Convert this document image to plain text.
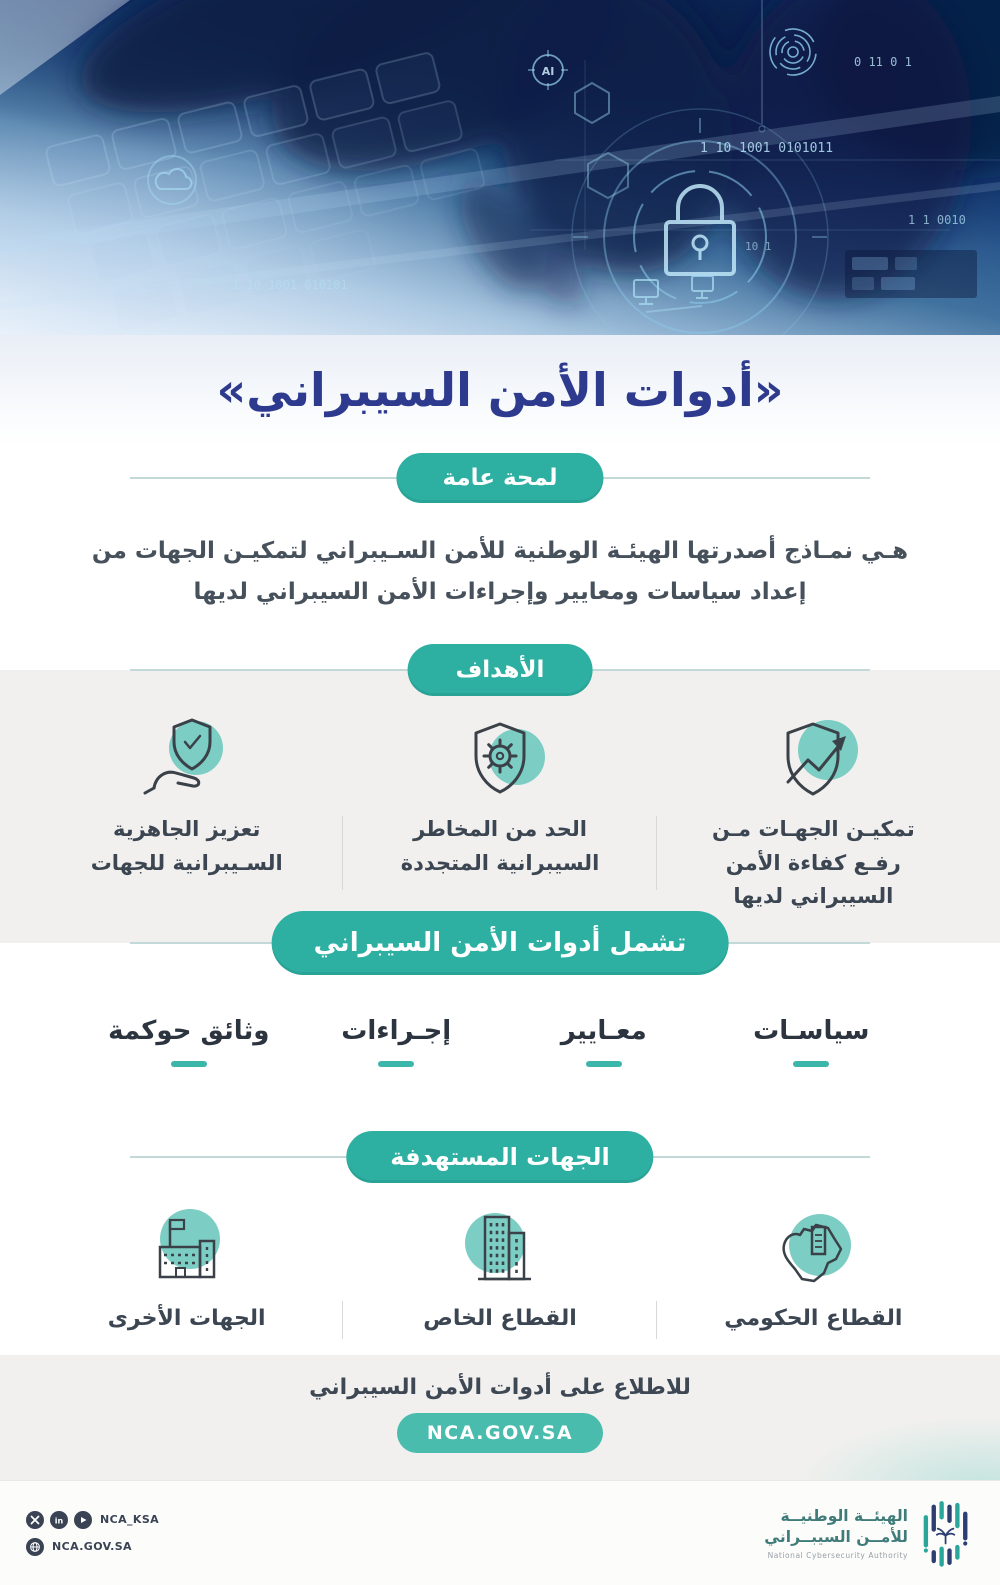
AI
1 10 1001 0101011
0 11 0 1
1 1 0010
1 10 1001 010101
10 1
«أدوات الأمن السيبراني»
لمحة عامة

هـي نمـاذج أصدرتها الهيئـة الوطنية للأمن السـيبراني لتمكيـن الجهات من إعداد سياسات ومعايير وإجراءات الأمن السيبراني لديها

الأهداف
تمكيـن الجهـات مـن رفـع كفاءة الأمن السيبراني لديها
الحد من المخاطر السيبرانية المتجددة
تعزيز الجاهزية السـيبرانية للجهات
تشمل أدوات الأمن السيبراني
سياسـات
معـايير
إجـراءات
وثائق حوكمة
الجهات المستهدفة
القطاع الحكومي
القطاع الخاص
الجهات الأخرى
للاطلاع على أدوات الأمن السيبراني
NCA.GOV.SA
in	NCA_KSA
NCA.GOV.SA
الهيئــة الوطنيــة
للأمــن السيبــراني
National Cybersecurity Authority
